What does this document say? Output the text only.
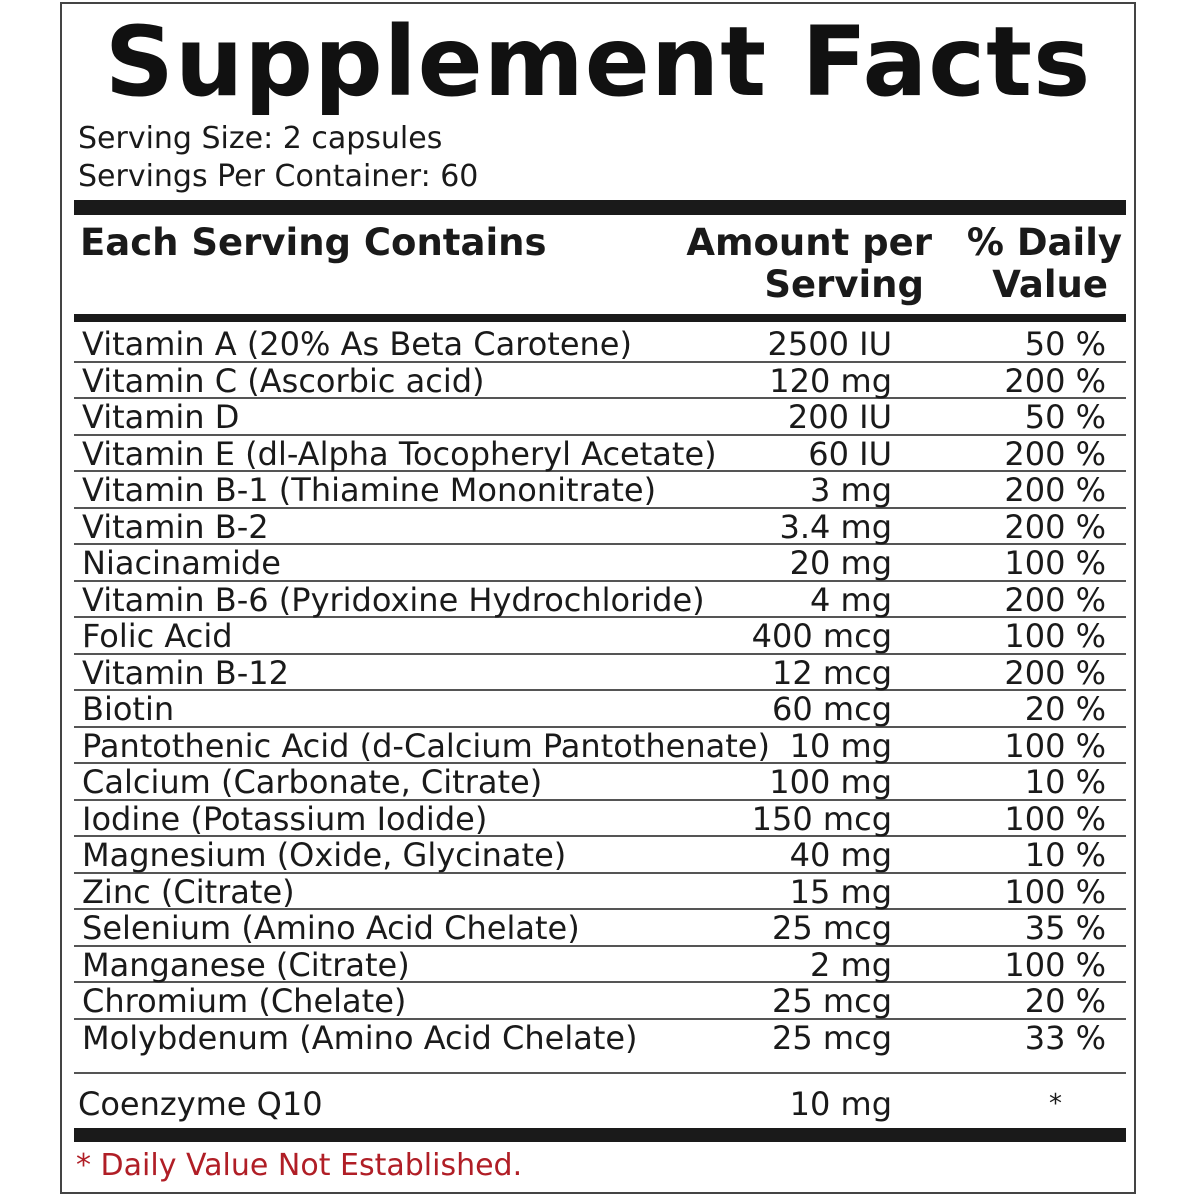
Supplement Facts
Serving Size: 2 capsules
Servings Per Container: 60
Each Serving Contains	Amount per
Serving
% Daily
Value
Vitamin A (20% As Beta Carotene)	2500 IU	50 %
Vitamin C (Ascorbic acid)	120 mg	200 %
Vitamin D	200 IU	50 %
Vitamin E (dl-Alpha Tocopheryl Acetate)	60 IU	200 %
Vitamin B-1 (Thiamine Mononitrate)	3 mg	200 %
Vitamin B-2	3.4 mg	200 %
Niacinamide	20 mg	100 %
Vitamin B-6 (Pyridoxine Hydrochloride)	4 mg	200 %
Folic Acid	400 mcg	100 %
Vitamin B-12	12 mcg	200 %
Biotin	60 mcg	20 %
Pantothenic Acid (d-Calcium Pantothenate) 10 mg	100 %
Calcium (Carbonate, Citrate)	100 mg	10 %
Iodine (Potassium Iodide)	150 mcg	100 %
Magnesium (Oxide, Glycinate)	40 mg	10 %
Zinc (Citrate)	15 mg	100 %
Selenium (Amino Acid Chelate)	25 mcg	35 %
Manganese (Citrate)	2 mg	100 %
Chromium (Chelate)	25 mcg	20 %
Molybdenum (Amino Acid Chelate)	25 mcg	33 %
Coenzyme Q10	10 mg	*
* Daily Value Not Established.
